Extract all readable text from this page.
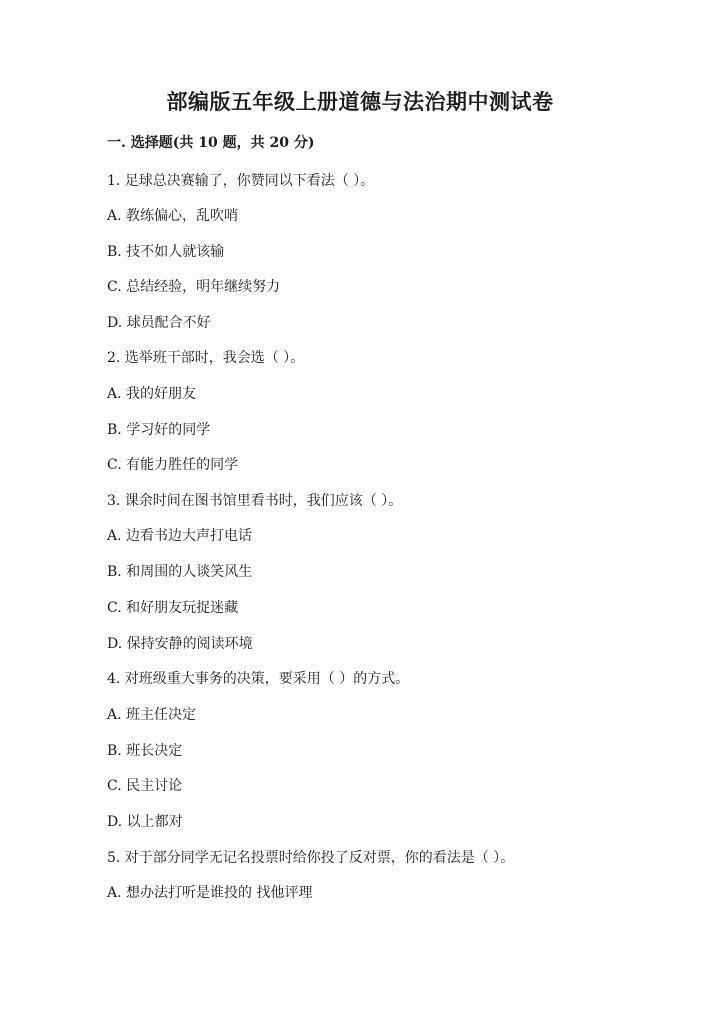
部编版五年级上册道德与法治期中测试卷
一. 选择题(共 10 题，共 20 分)
1. 足球总决赛输了，你赞同以下看法（ ）。
A. 教练偏心，乱吹哨
B. 技不如人就该输
C. 总结经验，明年继续努力
D. 球员配合不好
2. 选举班干部时，我会选（ ）。
A. 我的好朋友
B. 学习好的同学
C. 有能力胜任的同学
3. 课余时间在图书馆里看书时，我们应该（ ）。
A. 边看书边大声打电话
B. 和周围的人谈笑风生
C. 和好朋友玩捉迷藏
D. 保持安静的阅读环境
4. 对班级重大事务的决策，要采用（ ）的方式。
A. 班主任决定
B. 班长决定
C. 民主讨论
D. 以上都对
5. 对于部分同学无记名投票时给你投了反对票，你的看法是（ ）。
A. 想办法打听是谁投的 找他评理
